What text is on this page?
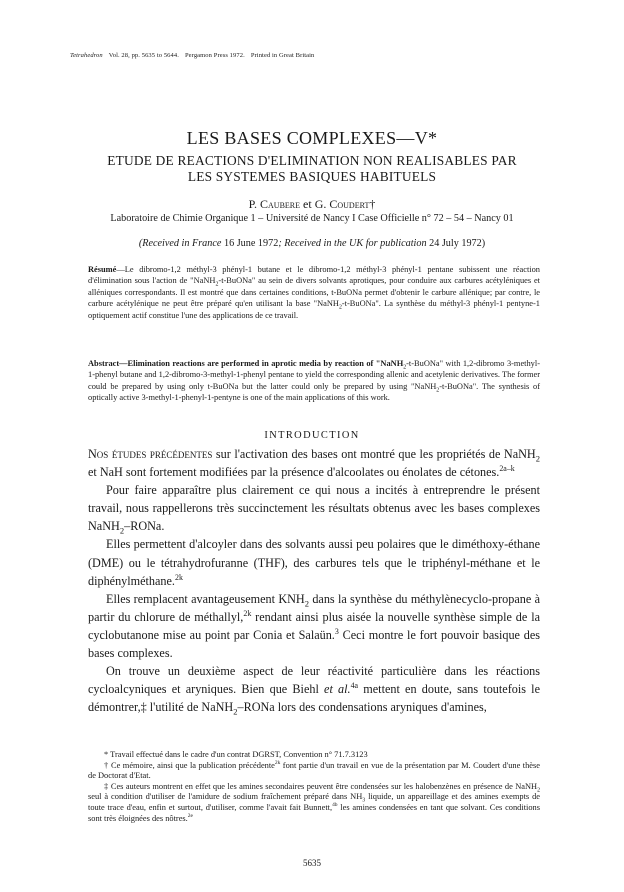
Tetrahedron Vol. 28, pp. 5635 to 5644. Pergamon Press 1972. Printed in Great Britain
LES BASES COMPLEXES—V*
ETUDE DE REACTIONS D'ELIMINATION NON REALISABLES PAR
LES SYSTEMES BASIQUES HABITUELS
P. Caubere et G. Coudert†
Laboratoire de Chimie Organique 1 – Université de Nancy I Case Officielle n° 72 – 54 – Nancy 01
(Received in France 16 June 1972; Received in the UK for publication 24 July 1972)
Résumé—Le dibromo-1,2 méthyl-3 phényl-1 butane et le dibromo-1,2 méthyl-3 phényl-1 pentane subissent une réaction d'élimination sous l'action de "NaNH$_2$-t-BuONa" au sein de divers solvants aprotiques, pour conduire aux carbures acétyléniques et alléniques correspondants. Il est montré que dans certaines conditions, t-BuONa permet d'obtenir le carbure allénique; par contre, le carbure acétylénique ne peut être préparé qu'en utilisant la base "NaNH$_2$-t-BuONa". La synthèse du méthyl-3 phényl-1 pentyne-1 optiquement actif constitue l'une des applications de ce travail.
Abstract—Elimination reactions are performed in aprotic media by reaction of "NaNH$_2$-t-BuONa" with 1,2-dibromo 3-methyl-1-phenyl butane and 1,2-dibromo-3-methyl-1-phenyl pentane to yield the corresponding allenic and acetylenic derivatives. The former could be prepared by using only t-BuONa but the latter could only be prepared by using "NaNH$_2$-t-BuONa". The synthesis of optically active 3-methyl-1-phenyl-1-pentyne is one of the main applications of this work.
INTRODUCTION

Nos études précédentes sur l'activation des bases ont montré que les propriétés de NaNH$_2$ et NaH sont fortement modifiées par la présence d'alcoolates ou énolates de cétones.$^{2a-k}$

Pour faire apparaître plus clairement ce qui nous a incités à entreprendre le présent travail, nous rappellerons très succinctement les résultats obtenus avec les bases complexes NaNH$_2$–RONa.

Elles permettent d'alcoyler dans des solvants aussi peu polaires que le diméthoxy-éthane (DME) ou le tétrahydrofuranne (THF), des carbures tels que le triphényl-méthane et le diphénylméthane.$^{2k}$

Elles remplacent avantageusement $KNH_2$ dans la synthèse du méthylènecyclo-propane à partir du chlorure de méthallyl,$^{2k}$ rendant ainsi plus aisée la nouvelle synthèse simple de la cyclobutanone mise au point par Conia et Salaün.$^3$ Ceci montre le fort pouvoir basique des bases complexes.

On trouve un deuxième aspect de leur réactivité particulière dans les réactions cycloalcyniques et aryniques. Bien que Biehl et al.$^{4a}$ mettent en doute, sans toutefois le démontrer,‡ l'utilité de NaNH$_2$–RONa lors des condensations aryniques d'amines,

* Travail effectué dans le cadre d'un contrat DGRST, Convention n° 71.7.3123

† Ce mémoire, ainsi que la publication précédente$^{2k}$ font partie d'un travail en vue de la présentation par M. Coudert d'une thèse de Doctorat d'Etat.

‡ Ces auteurs montrent en effet que les amines secondaires peuvent être condensées sur les halobenzènes en présence de NaNH$_2$ seul à condition d'utiliser de l'amidure de sodium fraîchement préparé dans $NH_3$ liquide, un appareillage et des amines exempts de toute trace d'eau, enfin et surtout, d'utiliser, comme l'avait fait Bunnett,$^{4b}$ les amines condensées en tant que solvant. Ces conditions sont très éloignées des nôtres.$^{2e}$

5635
